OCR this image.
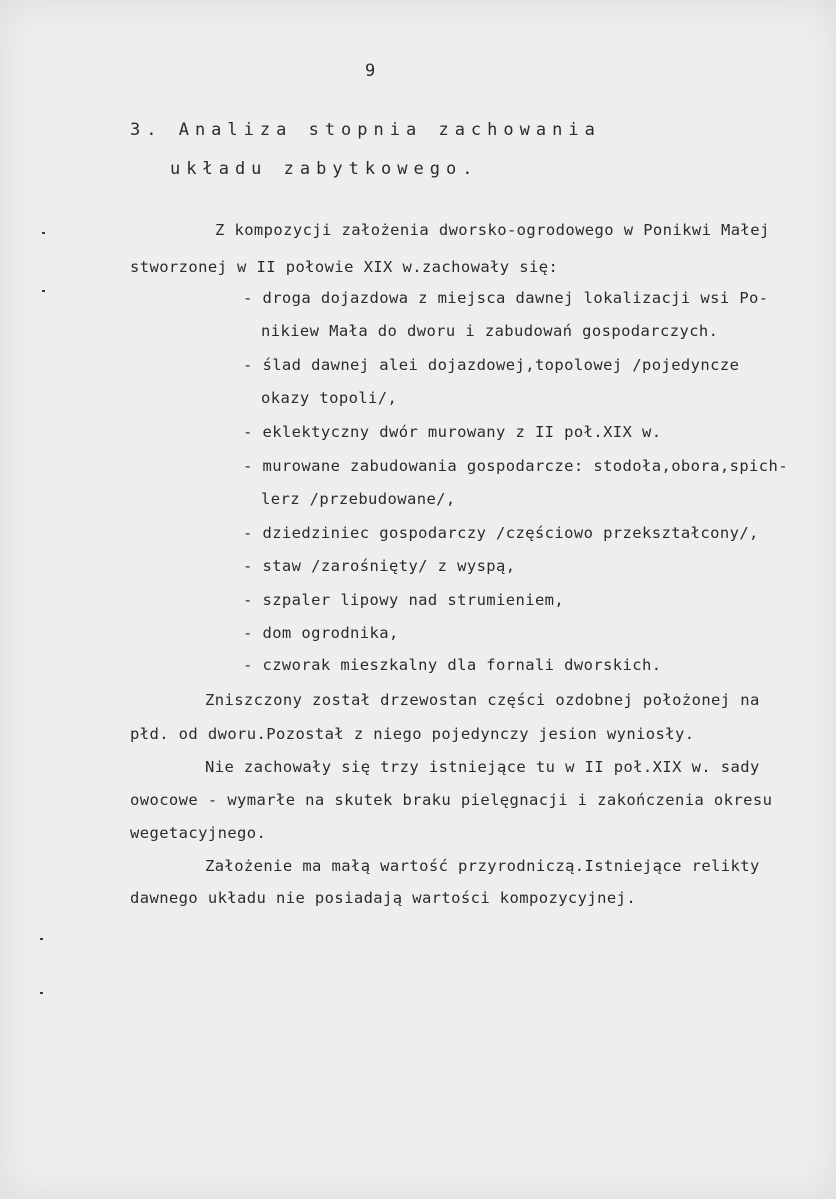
9
3. Analiza stopnia zachowania
układu zabytkowego.
Z kompozycji założenia dworsko-ogrodowego w Ponikwi Małej
stworzonej w II połowie XIX w.zachowały się:
- droga dojazdowa z miejsca dawnej lokalizacji wsi Po-
nikiew Mała do dworu i zabudowań gospodarczych.
- ślad dawnej alei dojazdowej,topolowej /pojedyncze
okazy topoli/,
- eklektyczny dwór murowany z II poł.XIX w.
- murowane zabudowania gospodarcze: stodoła,obora,spich-
lerz /przebudowane/,
- dziedziniec gospodarczy /częściowo przekształcony/,
- staw /zarośnięty/ z wyspą,
- szpaler lipowy nad strumieniem,
- dom ogrodnika,
- czworak mieszkalny dla fornali dworskich.
Zniszczony został drzewostan części ozdobnej położonej na
płd. od dworu.Pozostał z niego pojedynczy jesion wyniosły.
Nie zachowały się trzy istniejące tu w II poł.XIX w. sady
owocowe - wymarłe na skutek braku pielęgnacji i zakończenia okresu
wegetacyjnego.
Założenie ma małą wartość przyrodniczą.Istniejące relikty
dawnego układu nie posiadają wartości kompozycyjnej.
